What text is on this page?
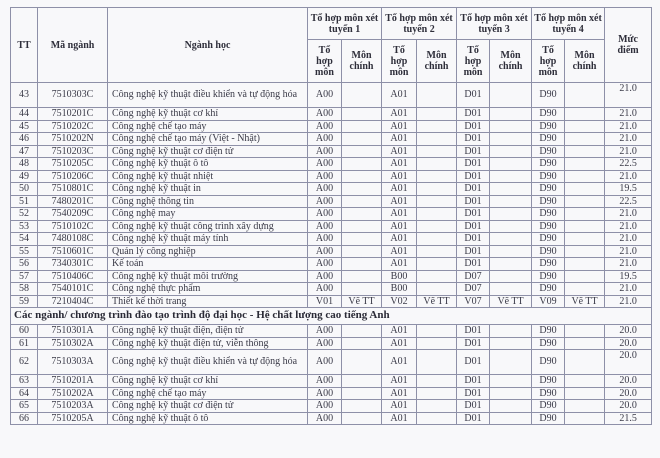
TT	Mã ngành	Ngành học	Tổ hợp môn xét tuyển 1		Tổ hợp môn xét tuyển 2		Tổ hợp môn xét tuyển 3		Tổ hợp môn xét tuyển 4		Mức điểm
			Tổ hợp môn	Môn chính	Tổ hợp môn	Môn chính	Tổ hợp môn	Môn chính	Tổ hợp môn	Môn chính	
43	7510303C	Công nghệ kỹ thuật điều khiển và tự động hóa	A00		A01		D01		D90		21.0
44	7510201C	Công nghệ kỹ thuật cơ khí	A00		A01		D01		D90		21.0
45	7510202C	Công nghệ chế tạo máy	A00		A01		D01		D90		21.0
46	7510202N	Công nghệ chế tạo máy (Việt - Nhật)	A00		A01		D01		D90		21.0
47	7510203C	Công nghệ kỹ thuật cơ điện tử	A00		A01		D01		D90		21.0
48	7510205C	Công nghệ kỹ thuật ô tô	A00		A01		D01		D90		22.5
49	7510206C	Công nghệ kỹ thuật nhiệt	A00		A01		D01		D90		21.0
50	7510801C	Công nghệ kỹ thuật in	A00		A01		D01		D90		19.5
51	7480201C	Công nghệ thông tin	A00		A01		D01		D90		22.5
52	7540209C	Công nghệ may	A00		A01		D01		D90		21.0
53	7510102C	Công nghệ kỹ thuật công trình xây dựng	A00		A01		D01		D90		21.0
54	7480108C	Công nghệ kỹ thuật máy tính	A00		A01		D01		D90		21.0
55	7510601C	Quản lý công nghiệp	A00		A01		D01		D90		21.0
56	7340301C	Kế toán	A00		A01		D01		D90		21.0
57	7510406C	Công nghệ kỹ thuật môi trường	A00		B00		D07		D90		19.5
58	7540101C	Công nghệ thực phẩm	A00		B00		D07		D90		21.0
59	7210404C	Thiết kế thời trang	V01	Vẽ TT	V02	Vẽ TT	V07	Vẽ TT	V09	Vẽ TT	21.0
Các ngành/ chương trình đào tạo trình độ đại học - Hệ chất lượng cao tiếng Anh											
60	7510301A	Công nghệ kỹ thuật điện, điện tử	A00		A01		D01		D90		20.0
61	7510302A	Công nghệ kỹ thuật điện tử, viễn thông	A00		A01		D01		D90		20.0
62	7510303A	Công nghệ kỹ thuật điều khiển và tự động hóa	A00		A01		D01		D90		20.0
63	7510201A	Công nghệ kỹ thuật cơ khí	A00		A01		D01		D90		20.0
64	7510202A	Công nghệ chế tạo máy	A00		A01		D01		D90		20.0
65	7510203A	Công nghệ kỹ thuật cơ điện tử	A00		A01		D01		D90		20.0
66	7510205A	Công nghệ kỹ thuật ô tô	A00		A01		D01		D90		21.5
